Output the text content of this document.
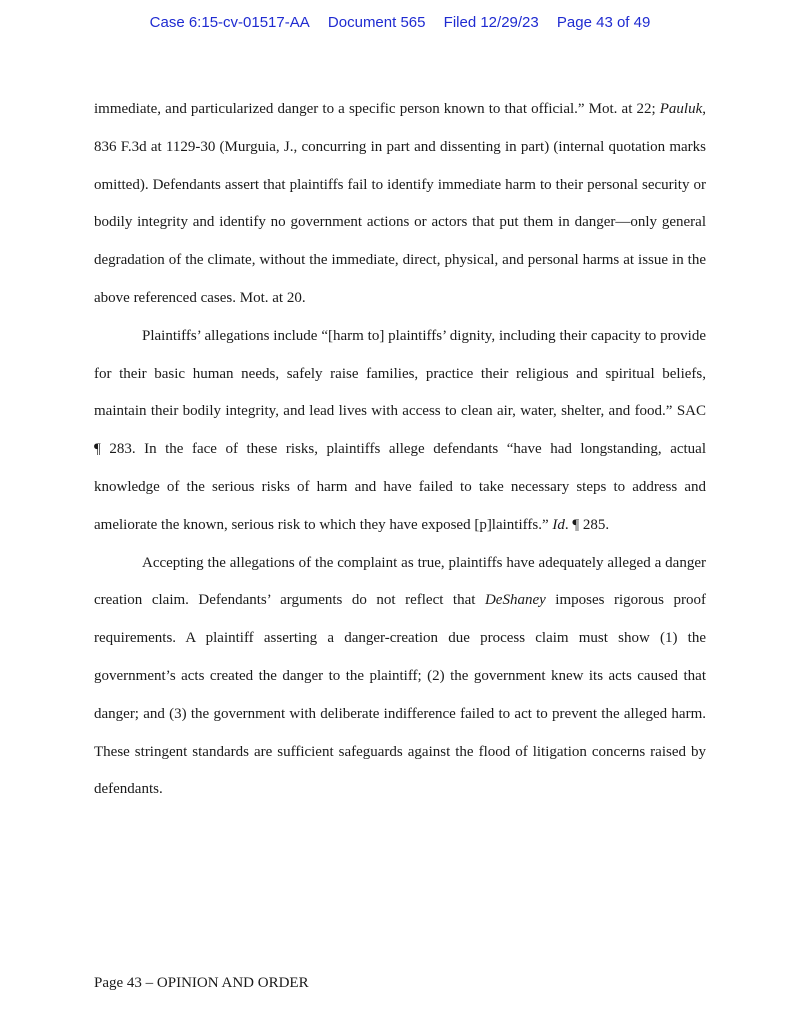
Case 6:15-cv-01517-AA Document 565 Filed 12/29/23 Page 43 of 49

immediate, and particularized danger to a specific person known to that official.” Mot. at 22; Pauluk, 836 F.3d at 1129-30 (Murguia, J., concurring in part and dissenting in part) (internal quotation marks omitted). Defendants assert that plaintiffs fail to identify immediate harm to their personal security or bodily integrity and identify no government actions or actors that put them in danger—only general degradation of the climate, without the immediate, direct, physical, and personal harms at issue in the above referenced cases. Mot. at 20.

Plaintiffs’ allegations include “[harm to] plaintiffs’ dignity, including their capacity to provide for their basic human needs, safely raise families, practice their religious and spiritual beliefs, maintain their bodily integrity, and lead lives with access to clean air, water, shelter, and food.” SAC ¶ 283. In the face of these risks, plaintiffs allege defendants “have had longstanding, actual knowledge of the serious risks of harm and have failed to take necessary steps to address and ameliorate the known, serious risk to which they have exposed [p]laintiffs.” Id. ¶ 285.

Accepting the allegations of the complaint as true, plaintiffs have adequately alleged a danger creation claim. Defendants’ arguments do not reflect that DeShaney imposes rigorous proof requirements. A plaintiff asserting a danger-creation due process claim must show (1) the government’s acts created the danger to the plaintiff; (2) the government knew its acts caused that danger; and (3) the government with deliberate indifference failed to act to prevent the alleged harm. These stringent standards are sufficient safeguards against the flood of litigation concerns raised by defendants.

Page 43 – OPINION AND ORDER
